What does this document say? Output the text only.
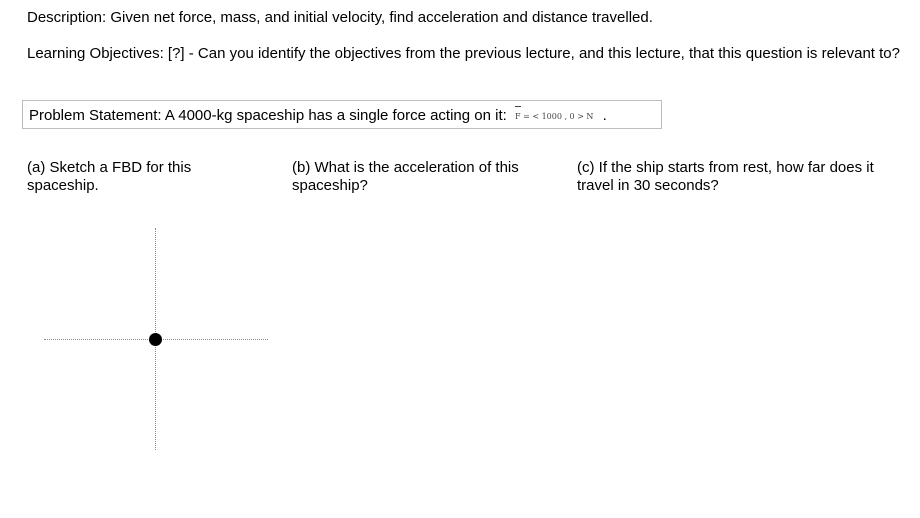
Description: Given net force, mass, and initial velocity, find acceleration and distance travelled.
Learning Objectives: [?] - Can you identify the objectives from the previous lecture, and this lecture, that this question is relevant to?
Problem Statement: A 4000-kg spaceship has a single force acting on it: F = < 1000 , 0 > N .
(a) Sketch a FBD for this spaceship.
(b) What is the acceleration of this spaceship?
(c) If the ship starts from rest, how far does it travel in 30 seconds?
